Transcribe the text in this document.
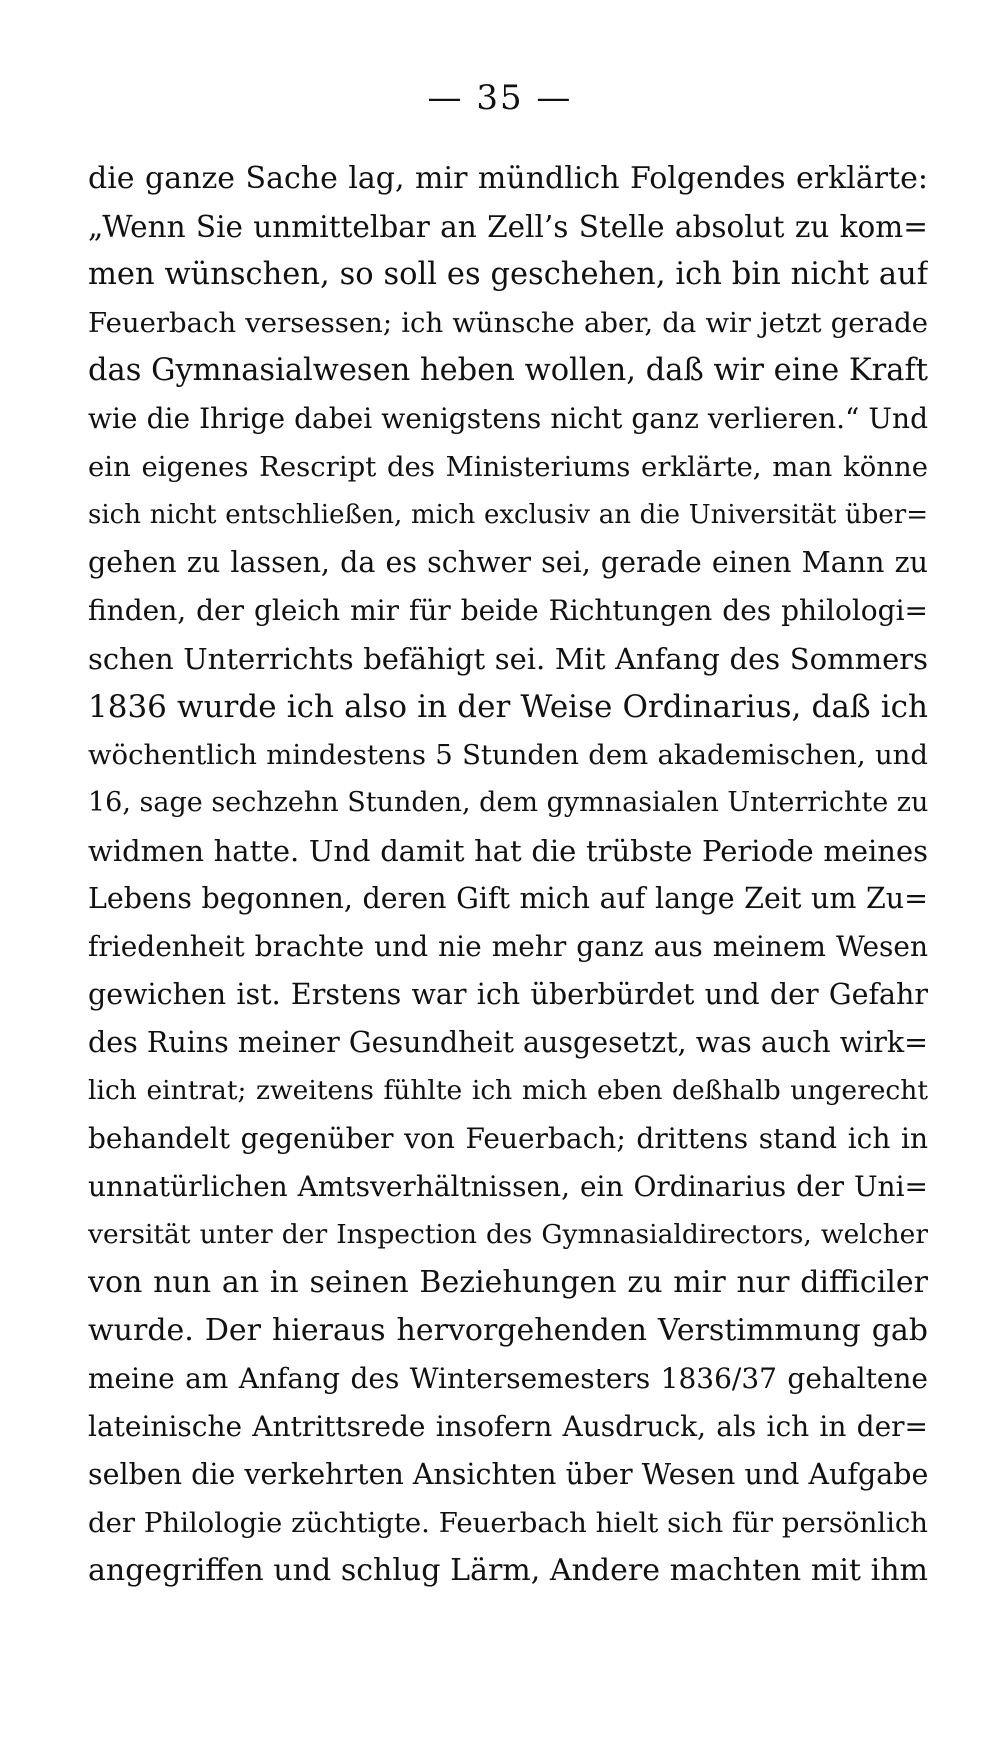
— 35 —
die ganze Sache lag, mir mündlich Folgendes erklärte:
„Wenn Sie unmittelbar an Zell’s Stelle absolut zu kom=
men wünschen, so soll es geschehen, ich bin nicht auf
Feuerbach versessen; ich wünsche aber, da wir jetzt gerade
das Gymnasialwesen heben wollen, daß wir eine Kraft
wie die Ihrige dabei wenigstens nicht ganz verlieren.“ Und
ein eigenes Rescript des Ministeriums erklärte, man könne
sich nicht entschließen, mich exclusiv an die Universität über=
gehen zu lassen, da es schwer sei, gerade einen Mann zu
finden, der gleich mir für beide Richtungen des philologi=
schen Unterrichts befähigt sei. Mit Anfang des Sommers
1836 wurde ich also in der Weise Ordinarius, daß ich
wöchentlich mindestens 5 Stunden dem akademischen, und
16, sage sechzehn Stunden, dem gymnasialen Unterrichte zu
widmen hatte. Und damit hat die trübste Periode meines
Lebens begonnen, deren Gift mich auf lange Zeit um Zu=
friedenheit brachte und nie mehr ganz aus meinem Wesen
gewichen ist. Erstens war ich überbürdet und der Gefahr
des Ruins meiner Gesundheit ausgesetzt, was auch wirk=
lich eintrat; zweitens fühlte ich mich eben deßhalb ungerecht
behandelt gegenüber von Feuerbach; drittens stand ich in
unnatürlichen Amtsverhältnissen, ein Ordinarius der Uni=
versität unter der Inspection des Gymnasialdirectors, welcher
von nun an in seinen Beziehungen zu mir nur difficiler
wurde. Der hieraus hervorgehenden Verstimmung gab
meine am Anfang des Wintersemesters 1836/37 gehaltene
lateinische Antrittsrede insofern Ausdruck, als ich in der=
selben die verkehrten Ansichten über Wesen und Aufgabe
der Philologie züchtigte. Feuerbach hielt sich für persönlich
angegriffen und schlug Lärm, Andere machten mit ihm
